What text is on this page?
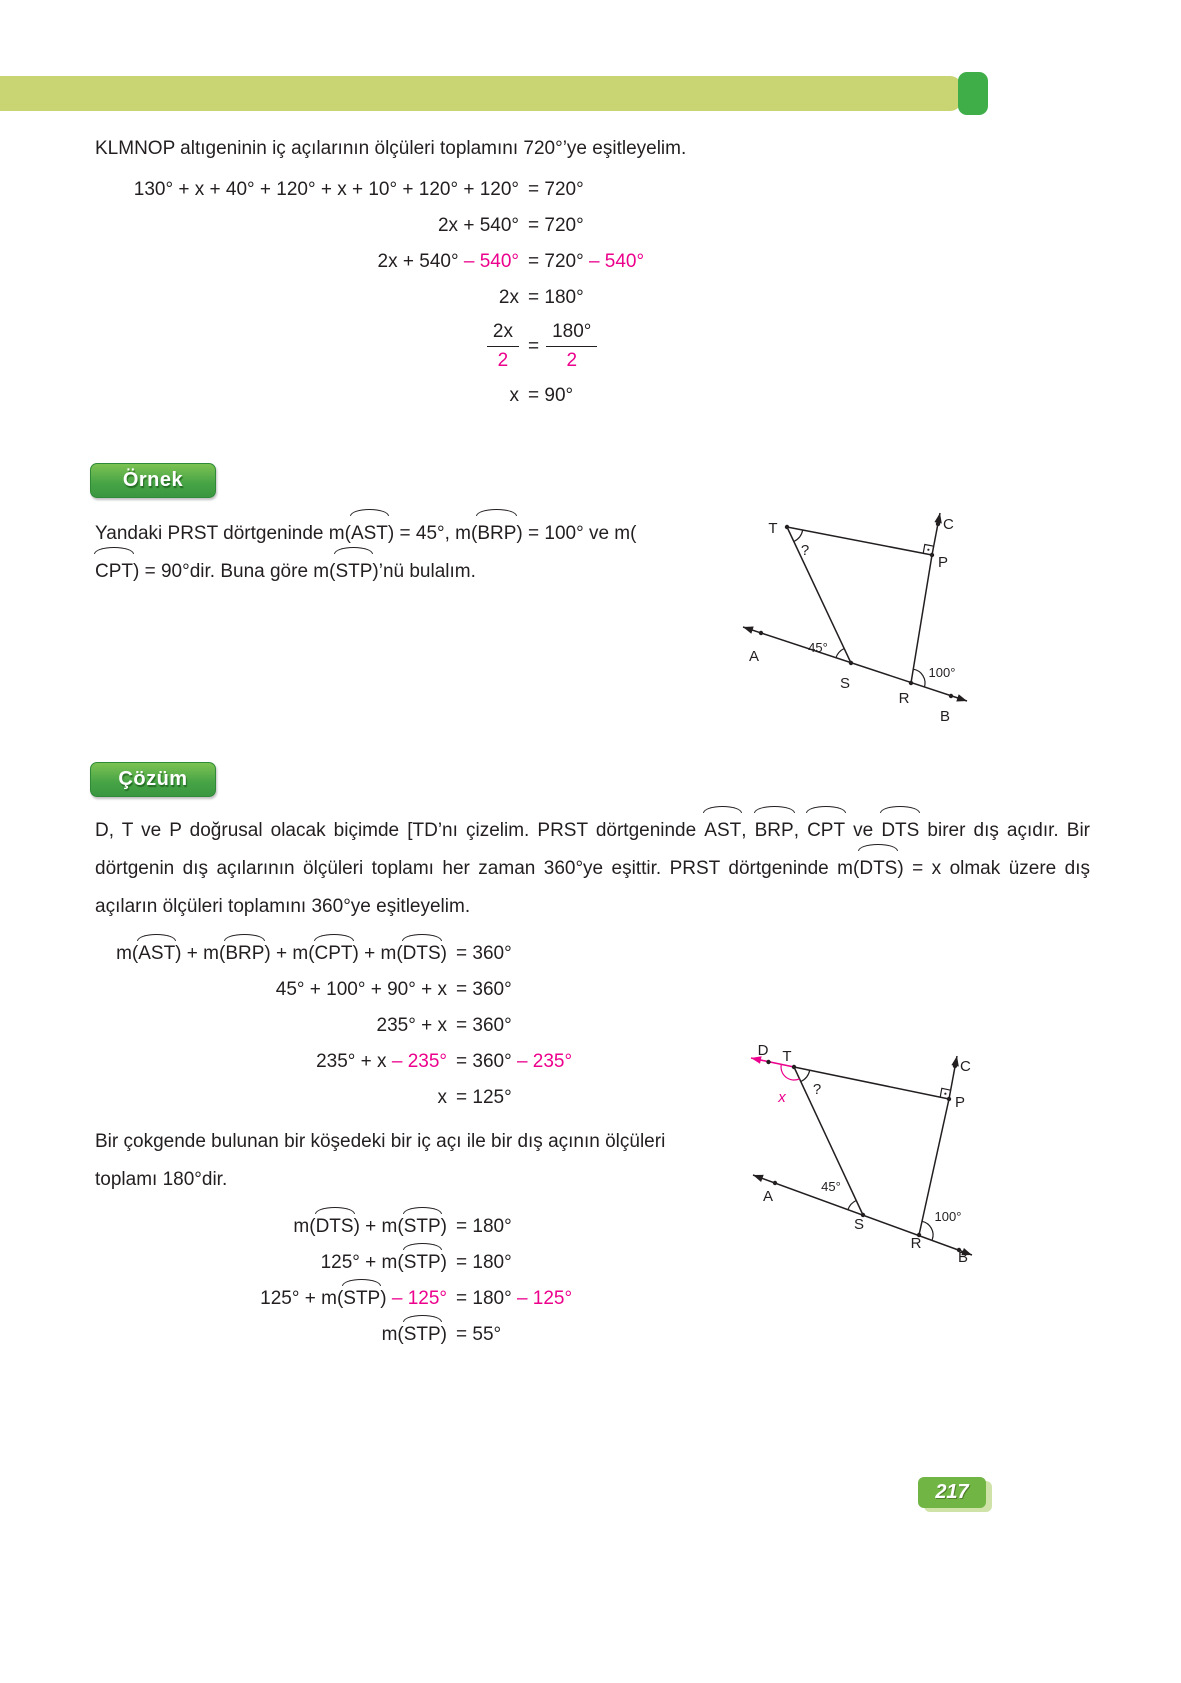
KLMNOP altıgeninin iç açılarının ölçüleri toplamını 720°’ye eşitleyelim.

130° + x + 40° + 120° + x + 10° + 120° + 120° = 720°
2x + 540° = 720°
2x + 540° – 540° = 720° – 540°
2x = 180°
$\frac{2x}{2} = \frac{180^\circ}{2}$
x = 90°
Örnek

Yandaki PRST dörtgeninde m(AST) = 45°, m(BRP) = 100° ve m(CPT) = 90°dir. Buna göre m(STP)’nü bulalım.

T	C
P
A
S
R
B
45°
100°
?
Çözüm

D, T ve P doğrusal olacak biçimde [TD’nı çizelim. PRST dörtgeninde AST, BRP, CPT ve DTS birer dış açıdır. Bir dörtgenin dış açılarının ölçüleri toplamı her zaman 360°ye eşittir. PRST dörtgeninde m(DTS) = x olmak üzere dış açıların ölçüleri toplamını 360°ye eşitleyelim.

m(AST) + m(BRP) + m(CPT) + m(DTS) = 360°
45° + 100° + 90° + x = 360°
235° + x = 360°
235° + x – 235° = 360° – 235°
x = 125°

Bir çokgende bulunan bir köşedeki bir iç açı ile bir dış açının ölçüleri toplamı 180°dir.

m(DTS) + m(STP) = 180°
125° + m(STP) = 180°
125° + m(STP) – 125° = 180° – 125°
m(STP) = 55°
D T
C
P
A
S
R
B
45°
100°
?
x
217
